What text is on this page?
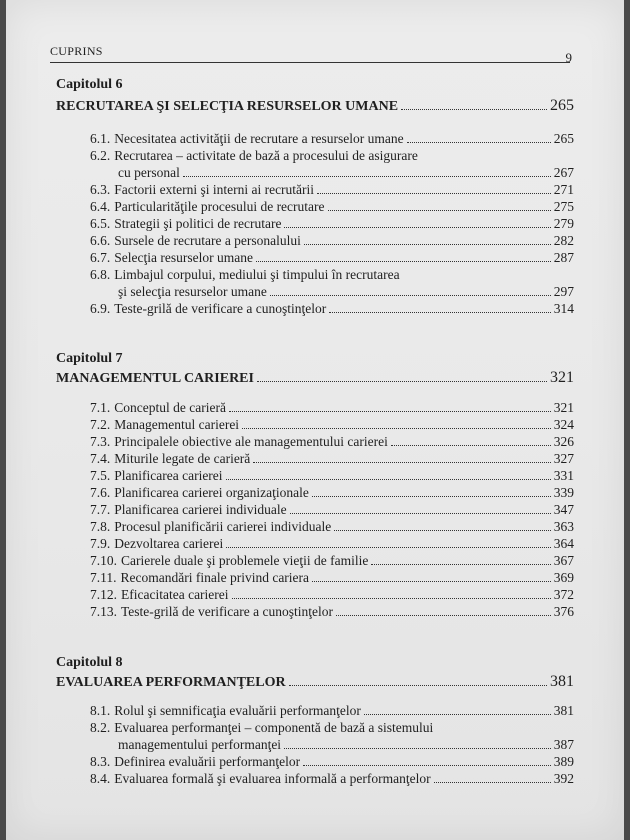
CUPRINS	9
Capitolul 6
RECRUTAREA ŞI SELECŢIA RESURSELOR UMANE	265
6.1. Necesitatea activităţii de recrutare a resurselor umane	265
6.2. Recrutarea – activitate de bază a procesului de asigurare
cu personal	267
6.3. Factorii externi şi interni ai recrutării	271
6.4. Particularităţile procesului de recrutare	275
6.5. Strategii şi politici de recrutare	279
6.6. Sursele de recrutare a personalului	282
6.7. Selecţia resurselor umane	287
6.8. Limbajul corpului, mediului şi timpului în recrutarea
şi selecţia resurselor umane	297
6.9. Teste-grilă de verificare a cunoştinţelor	314
Capitolul 7
MANAGEMENTUL CARIEREI	321
7.1. Conceptul de carieră	321
7.2. Managementul carierei	324
7.3. Principalele obiective ale managementului carierei	326
7.4. Miturile legate de carieră	327
7.5. Planificarea carierei	331
7.6. Planificarea carierei organizaţionale	339
7.7. Planificarea carierei individuale	347
7.8. Procesul planificării carierei individuale	363
7.9. Dezvoltarea carierei	364
7.10. Carierele duale şi problemele vieţii de familie	367
7.11. Recomandări finale privind cariera	369
7.12. Eficacitatea carierei	372
7.13. Teste-grilă de verificare a cunoştinţelor	376
Capitolul 8
EVALUAREA PERFORMANŢELOR	381
8.1. Rolul şi semnificaţia evaluării performanţelor	381
8.2. Evaluarea performanţei – componentă de bază a sistemului
managementului performanţei	387
8.3. Definirea evaluării performanţelor	389
8.4. Evaluarea formală şi evaluarea informală a performanţelor	392
